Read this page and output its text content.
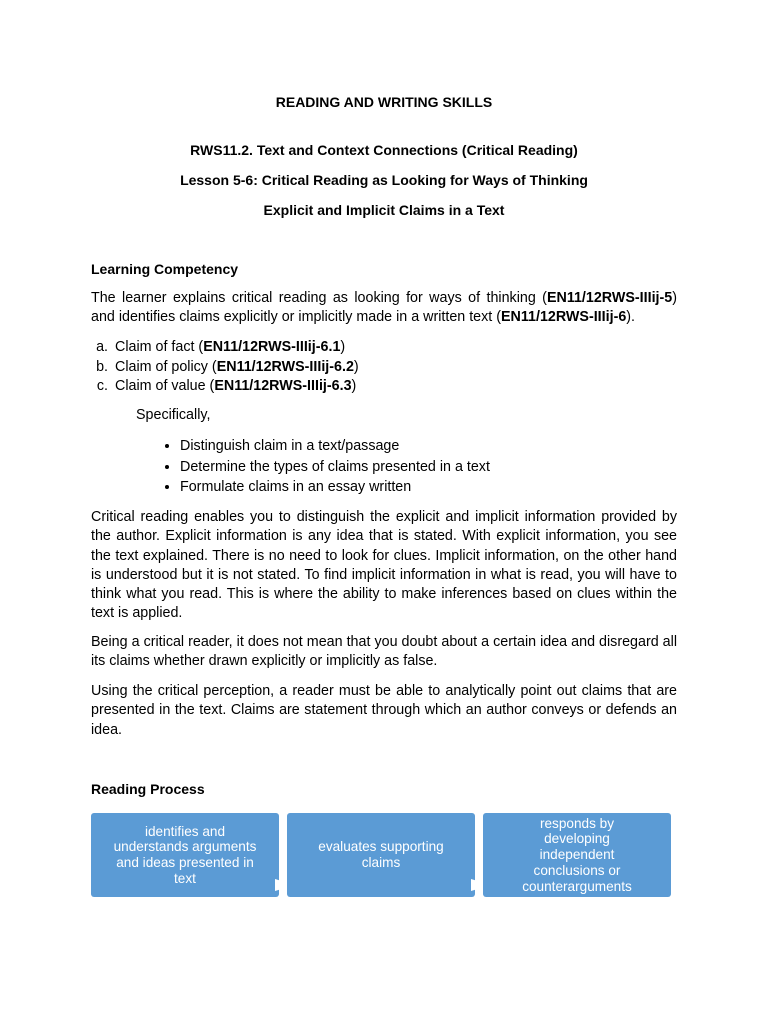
READING AND WRITING SKILLS
RWS11.2. Text and Context Connections (Critical Reading)
Lesson 5-6: Critical Reading as Looking for Ways of Thinking
Explicit and Implicit Claims in a Text
Learning Competency

The learner explains critical reading as looking for ways of thinking (EN11/12RWS-IIIij-5) and identifies claims explicitly or implicitly made in a written text (EN11/12RWS-IIIij-6).

a. Claim of fact (EN11/12RWS-IIIij-6.1)
b. Claim of policy (EN11/12RWS-IIIij-6.2)
c. Claim of value (EN11/12RWS-IIIij-6.3)
Specifically,
• Distinguish claim in a text/passage
• Determine the types of claims presented in a text
• Formulate claims in an essay written

Critical reading enables you to distinguish the explicit and implicit information provided by the author. Explicit information is any idea that is stated. With explicit information, you see the text explained. There is no need to look for clues. Implicit information, on the other hand is understood but it is not stated. To find implicit information in what is read, you will have to think what you read. This is where the ability to make inferences based on clues within the text is applied.

Being a critical reader, it does not mean that you doubt about a certain idea and disregard all its claims whether drawn explicitly or implicitly as false.

Using the critical perception, a reader must be able to analytically point out claims that are presented in the text. Claims are statement through which an author conveys or defends an idea.

Reading Process
identifies and understands arguments and ideas presented in text
evaluates supporting claims
responds by developing independent conclusions or counterarguments
